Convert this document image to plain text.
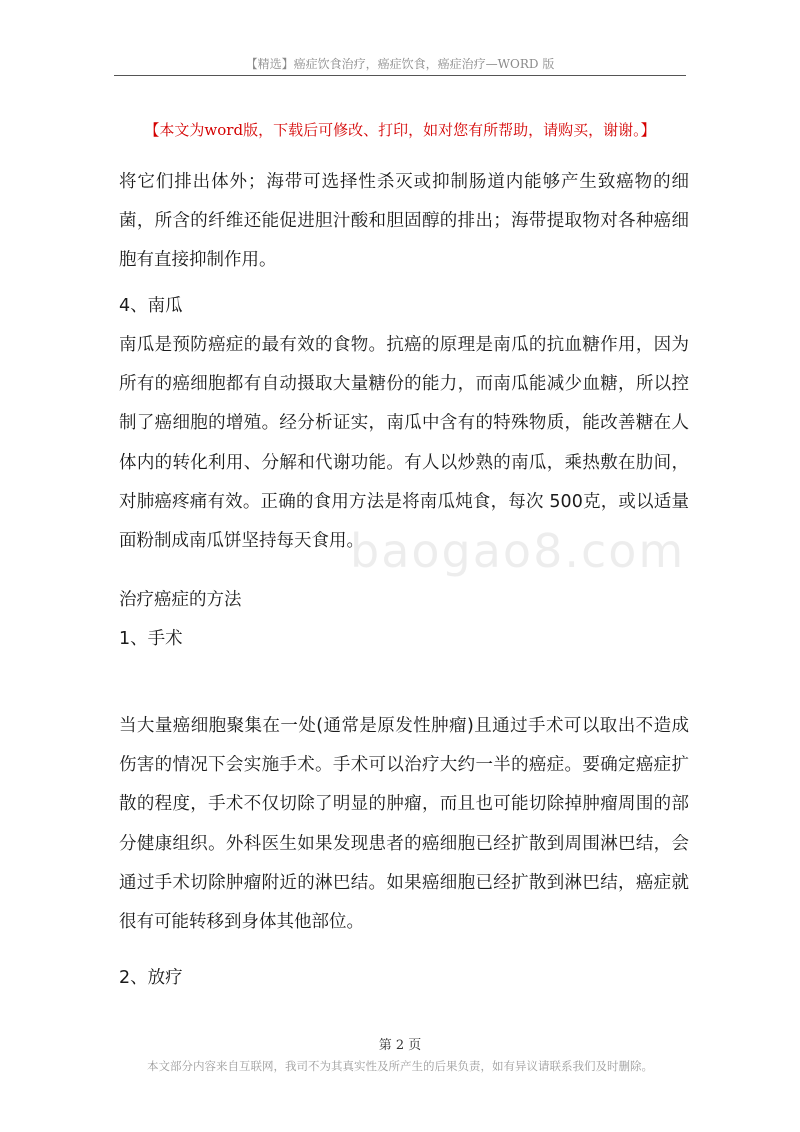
【精选】癌症饮食治疗，癌症饮食，癌症治疗—WORD 版
【本文为word版，下载后可修改、打印，如对您有所帮助，请购买，谢谢。】

将它们排出体外；海带可选择性杀灭或抑制肠道内能够产生致癌物的细菌，所含的纤维还能促进胆汁酸和胆固醇的排出；海带提取物对各种癌细胞有直接抑制作用。

4、南瓜

南瓜是预防癌症的最有效的食物。抗癌的原理是南瓜的抗血糖作用，因为所有的癌细胞都有自动摄取大量糖份的能力，而南瓜能减少血糖，所以控制了癌细胞的增殖。经分析证实，南瓜中含有的特殊物质，能改善糖在人体内的转化利用、分解和代谢功能。有人以炒熟的南瓜，乘热敷在肋间，对肺癌疼痛有效。正确的食用方法是将南瓜炖食，每次 500克，或以适量面粉制成南瓜饼坚持每天食用。

治疗癌症的方法

1、手术

当大量癌细胞聚集在一处(通常是原发性肿瘤)且通过手术可以取出不造成伤害的情况下会实施手术。手术可以治疗大约一半的癌症。要确定癌症扩散的程度，手术不仅切除了明显的肿瘤，而且也可能切除掉肿瘤周围的部分健康组织。外科医生如果发现患者的癌细胞已经扩散到周围淋巴结，会通过手术切除肿瘤附近的淋巴结。如果癌细胞已经扩散到淋巴结，癌症就很有可能转移到身体其他部位。

2、放疗

baogao8.com
第 2 页
本文部分内容来自互联网，我司不为其真实性及所产生的后果负责，如有异议请联系我们及时删除。
